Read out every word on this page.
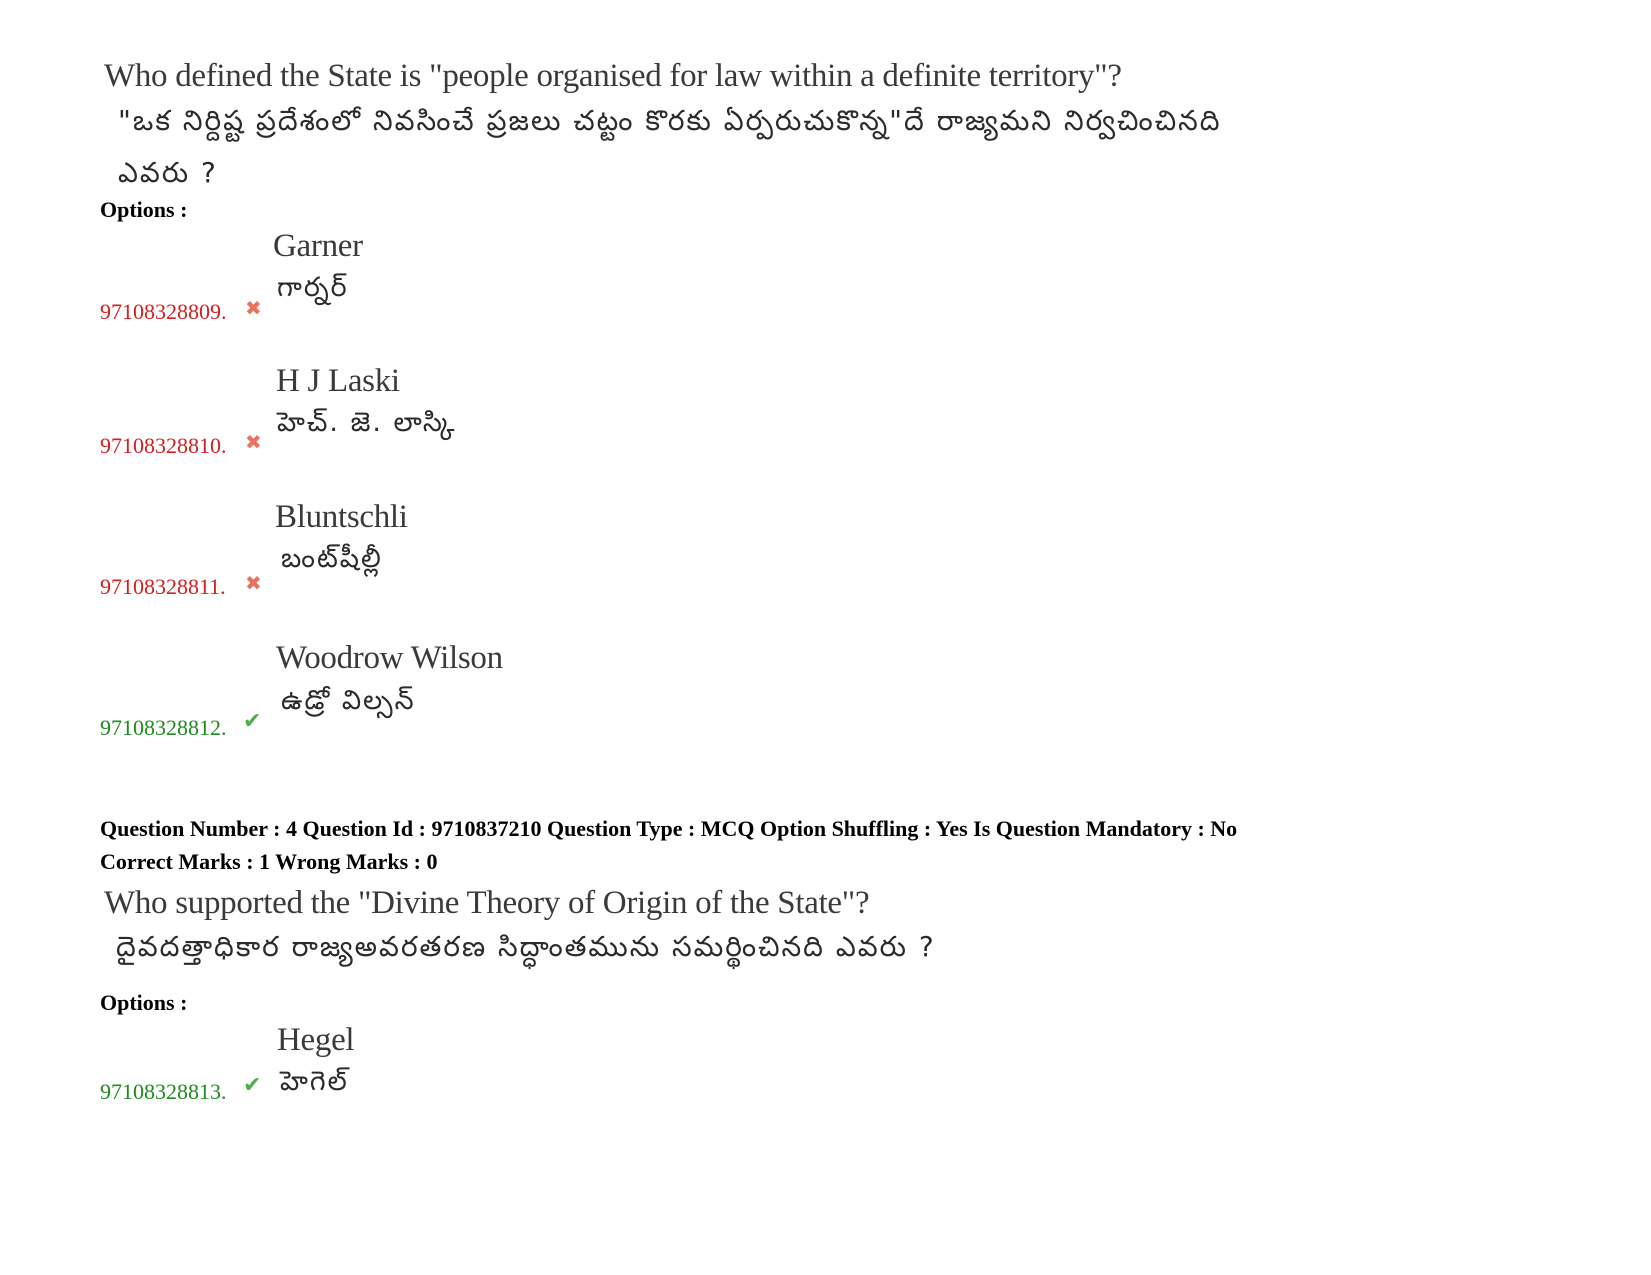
Who defined the State is "people organised for law within a definite territory"?
"ఒక నిర్దిష్ట ప్రదేశంలో నివసించే ప్రజలు చట్టం కొరకు ఏర్పరుచుకొన్న"దే రాజ్యమని నిర్వచించినది
ఎవరు ?
Options :
Garner
గార్నర్
97108328809. ✖
H J Laski
హెచ్. జె. లాస్కి
97108328810. ✖
Bluntschli
బంట్‌షీల్లీ
97108328811. ✖
Woodrow Wilson
ఉడ్రో విల్సన్
97108328812. ✔
Question Number : 4 Question Id : 9710837210 Question Type : MCQ Option Shuffling : Yes Is Question Mandatory : No
Correct Marks : 1 Wrong Marks : 0
Who supported the "Divine Theory of Origin of the State"?
దైవదత్తాధికార రాజ్యఅవరతరణ సిద్ధాంతమును సమర్థించినది ఎవరు ?
Options :
Hegel
హెగెల్
97108328813. ✔
